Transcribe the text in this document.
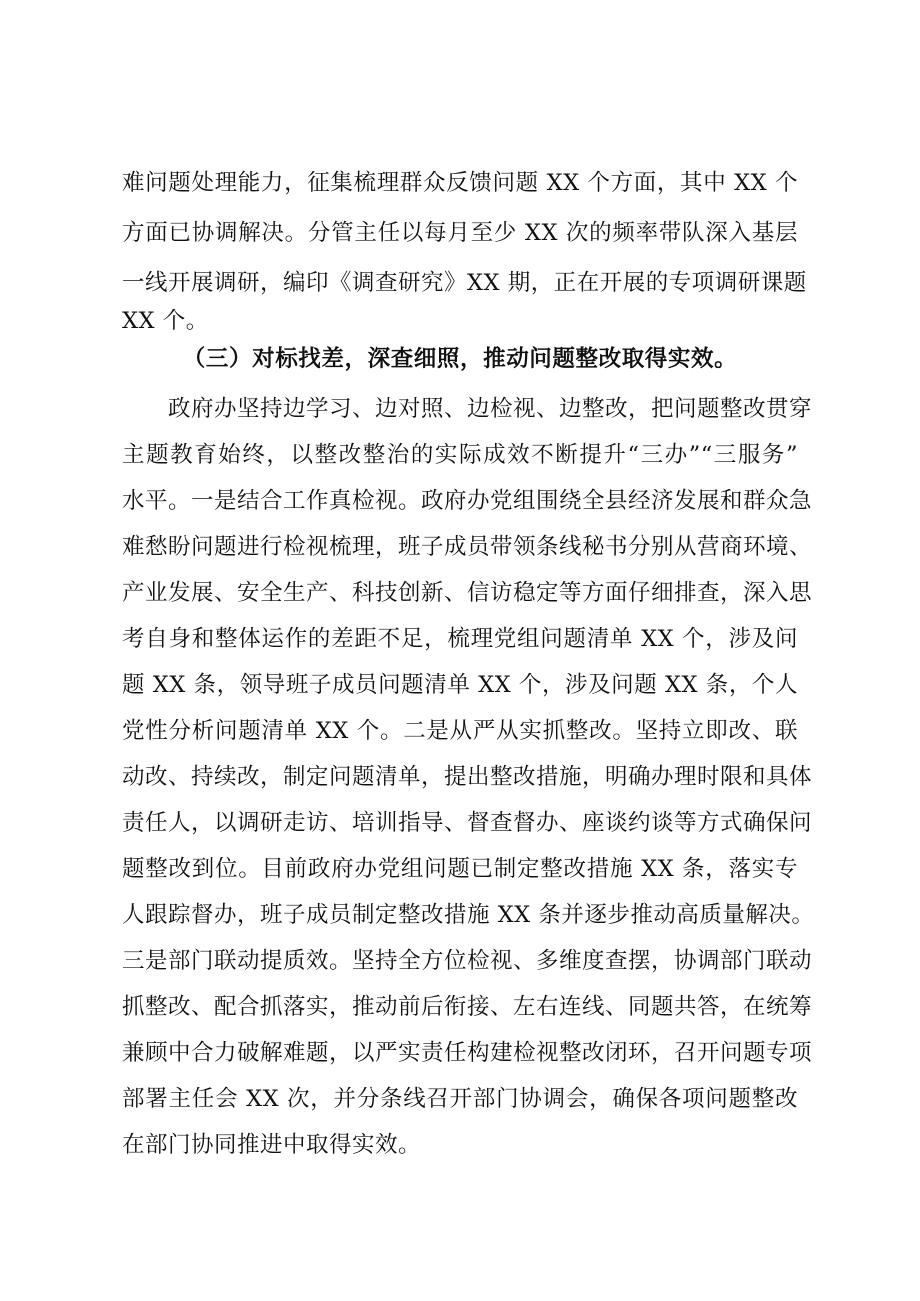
难问题处理能力，征集梳理群众反馈问题 XX 个方面，其中 XX 个
方面已协调解决。分管主任以每月至少 XX 次的频率带队深入基层
一线开展调研，编印《调查研究》XX 期，正在开展的专项调研课题
XX 个。
（三）对标找差，深查细照，推动问题整改取得实效。
政府办坚持边学习、边对照、边检视、边整改，把问题整改贯穿
主题教育始终，以整改整治的实际成效不断提升“三办”“三服务”
水平。一是结合工作真检视。政府办党组围绕全县经济发展和群众急
难愁盼问题进行检视梳理，班子成员带领条线秘书分别从营商环境、
产业发展、安全生产、科技创新、信访稳定等方面仔细排查，深入思
考自身和整体运作的差距不足，梳理党组问题清单 XX 个，涉及问
题 XX 条，领导班子成员问题清单 XX 个，涉及问题 XX 条，个人
党性分析问题清单 XX 个。二是从严从实抓整改。坚持立即改、联
动改、持续改，制定问题清单，提出整改措施，明确办理时限和具体
责任人，以调研走访、培训指导、督查督办、座谈约谈等方式确保问
题整改到位。目前政府办党组问题已制定整改措施 XX 条，落实专
人跟踪督办，班子成员制定整改措施 XX 条并逐步推动高质量解决。
三是部门联动提质效。坚持全方位检视、多维度查摆，协调部门联动
抓整改、配合抓落实，推动前后衔接、左右连线、同题共答，在统筹
兼顾中合力破解难题，以严实责任构建检视整改闭环，召开问题专项
部署主任会 XX 次，并分条线召开部门协调会，确保各项问题整改
在部门协同推进中取得实效。
